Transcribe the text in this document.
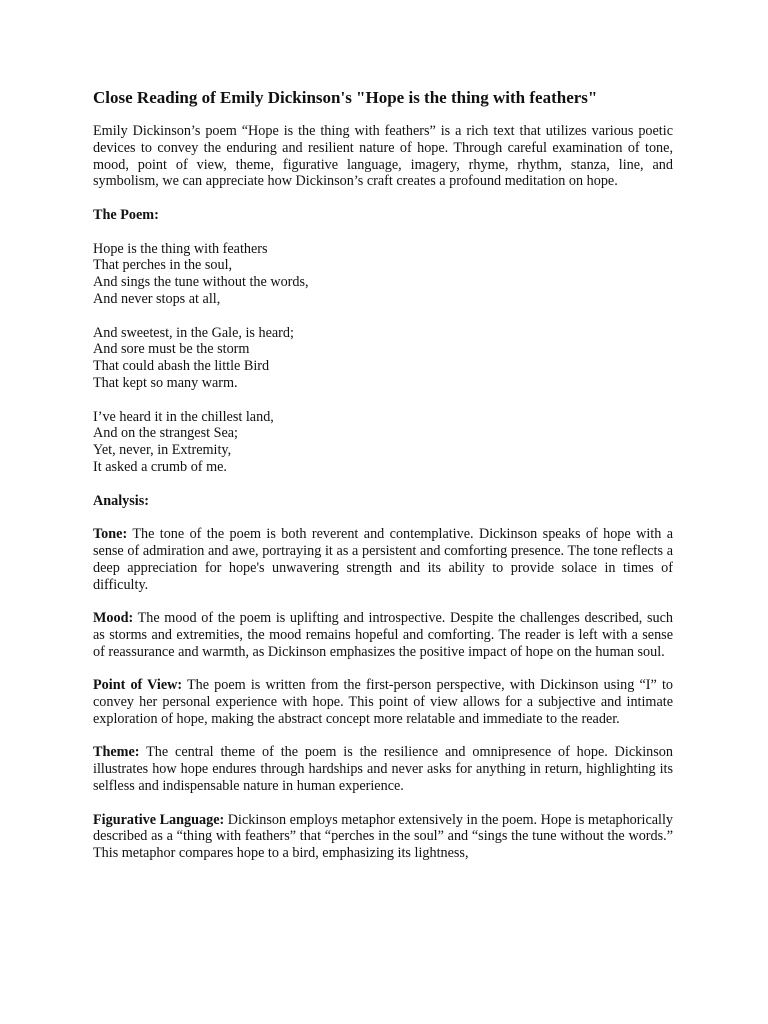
Close Reading of Emily Dickinson's "Hope is the thing with feathers"

Emily Dickinson’s poem “Hope is the thing with feathers” is a rich text that utilizes various poetic devices to convey the enduring and resilient nature of hope. Through careful examination of tone, mood, point of view, theme, figurative language, imagery, rhyme, rhythm, stanza, line, and symbolism, we can appreciate how Dickinson’s craft creates a profound meditation on hope.

The Poem:

Hope is the thing with feathers
That perches in the soul,
And sings the tune without the words,
And never stops at all,
And sweetest, in the Gale, is heard;
And sore must be the storm
That could abash the little Bird
That kept so many warm.
I’ve heard it in the chillest land,
And on the strangest Sea;
Yet, never, in Extremity,
It asked a crumb of me.

Analysis:

Tone: The tone of the poem is both reverent and contemplative. Dickinson speaks of hope with a sense of admiration and awe, portraying it as a persistent and comforting presence. The tone reflects a deep appreciation for hope's unwavering strength and its ability to provide solace in times of difficulty.

Mood: The mood of the poem is uplifting and introspective. Despite the challenges described, such as storms and extremities, the mood remains hopeful and comforting. The reader is left with a sense of reassurance and warmth, as Dickinson emphasizes the positive impact of hope on the human soul.

Point of View: The poem is written from the first-person perspective, with Dickinson using “I” to convey her personal experience with hope. This point of view allows for a subjective and intimate exploration of hope, making the abstract concept more relatable and immediate to the reader.

Theme: The central theme of the poem is the resilience and omnipresence of hope. Dickinson illustrates how hope endures through hardships and never asks for anything in return, highlighting its selfless and indispensable nature in human experience.

Figurative Language: Dickinson employs metaphor extensively in the poem. Hope is metaphorically described as a “thing with feathers” that “perches in the soul” and “sings the tune without the words.” This metaphor compares hope to a bird, emphasizing its lightness,
